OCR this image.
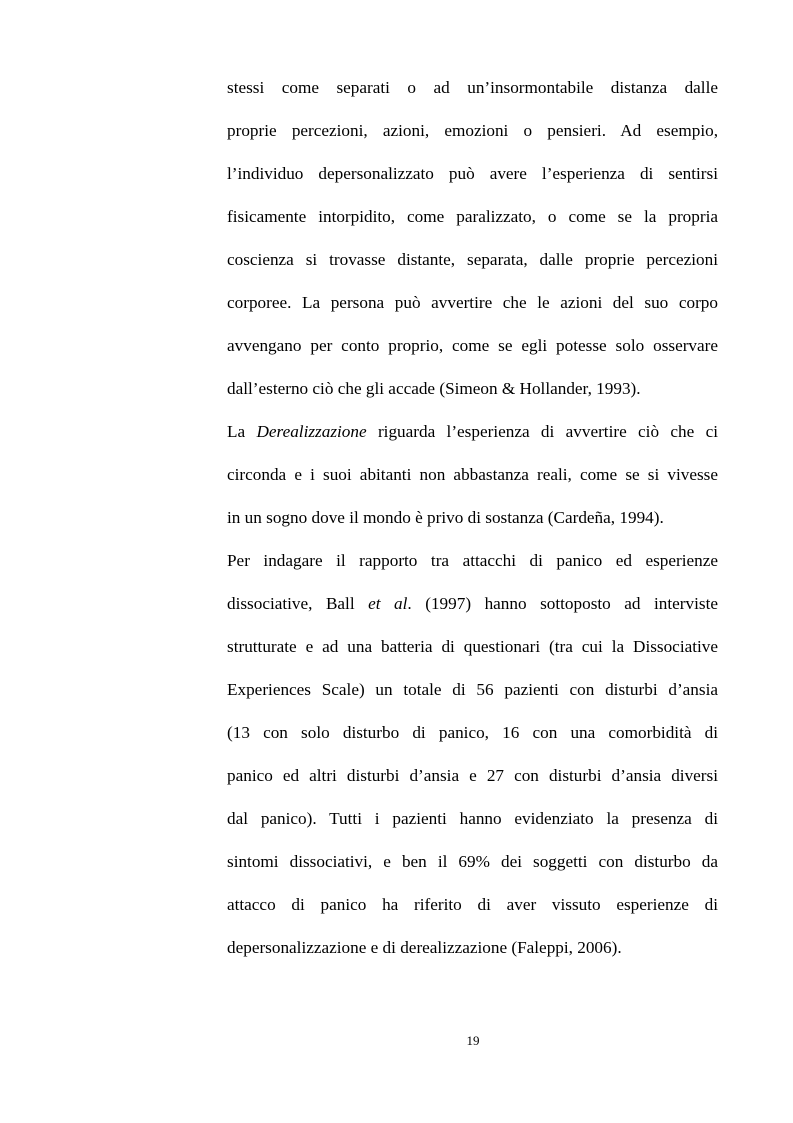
stessi come separati o ad un’insormontabile distanza dalle
proprie percezioni, azioni, emozioni o pensieri. Ad esempio,
l’individuo depersonalizzato può avere l’esperienza di sentirsi
fisicamente intorpidito, come paralizzato, o come se la propria
coscienza si trovasse distante, separata, dalle proprie percezioni
corporee. La persona può avvertire che le azioni del suo corpo
avvengano per conto proprio, come se egli potesse solo osservare
dall’esterno ciò che gli accade (Simeon & Hollander, 1993).
La Derealizzazione riguarda l’esperienza di avvertire ciò che ci
circonda e i suoi abitanti non abbastanza reali, come se si vivesse
in un sogno dove il mondo è privo di sostanza (Cardeña, 1994).
Per indagare il rapporto tra attacchi di panico ed esperienze
dissociative, Ball et al. (1997) hanno sottoposto ad interviste
strutturate e ad una batteria di questionari (tra cui la Dissociative
Experiences Scale) un totale di 56 pazienti con disturbi d’ansia
(13 con solo disturbo di panico, 16 con una comorbidità di
panico ed altri disturbi d’ansia e 27 con disturbi d’ansia diversi
dal panico). Tutti i pazienti hanno evidenziato la presenza di
sintomi dissociativi, e ben il 69% dei soggetti con disturbo da
attacco di panico ha riferito di aver vissuto esperienze di
depersonalizzazione e di derealizzazione (Faleppi, 2006).
19
